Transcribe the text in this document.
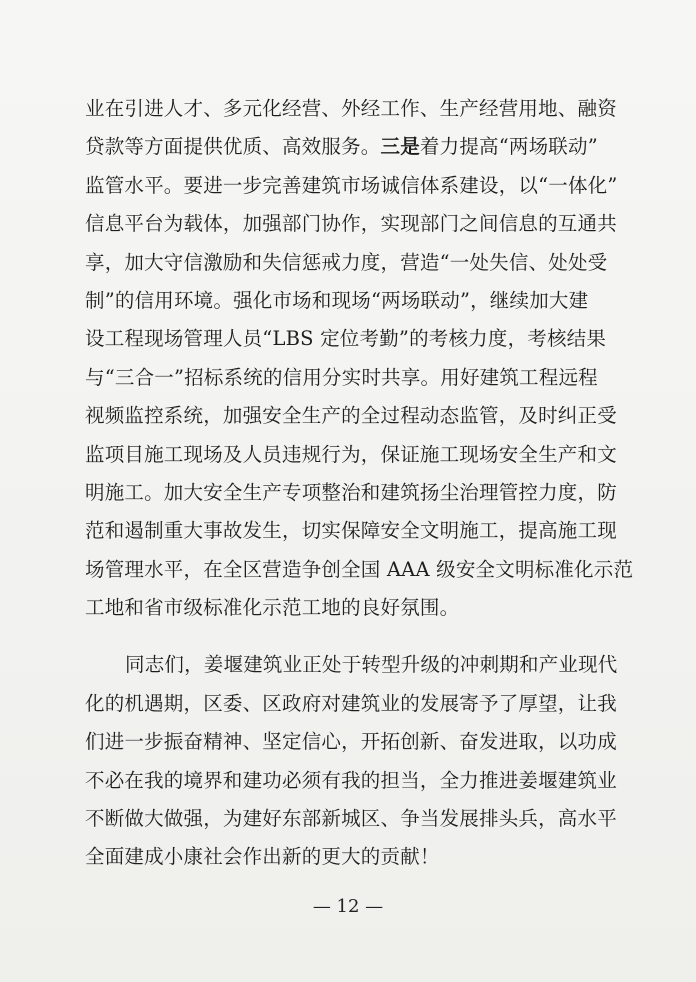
业在引进人才、多元化经营、外经工作、生产经营用地、融资
贷款等方面提供优质、高效服务。三是着力提高“两场联动”
监管水平。要进一步完善建筑市场诚信体系建设，以“一体化”
信息平台为载体，加强部门协作，实现部门之间信息的互通共
享，加大守信激励和失信惩戒力度，营造“一处失信、处处受
制”的信用环境。强化市场和现场“两场联动”，继续加大建
设工程现场管理人员“LBS 定位考勤”的考核力度，考核结果
与“三合一”招标系统的信用分实时共享。用好建筑工程远程
视频监控系统，加强安全生产的全过程动态监管，及时纠正受
监项目施工现场及人员违规行为，保证施工现场安全生产和文
明施工。加大安全生产专项整治和建筑扬尘治理管控力度，防
范和遏制重大事故发生，切实保障安全文明施工，提高施工现
场管理水平，在全区营造争创全国 AAA 级安全文明标准化示范
工地和省市级标准化示范工地的良好氛围。
同志们，姜堰建筑业正处于转型升级的冲刺期和产业现代
化的机遇期，区委、区政府对建筑业的发展寄予了厚望，让我
们进一步振奋精神、坚定信心，开拓创新、奋发进取，以功成
不必在我的境界和建功必须有我的担当，全力推进姜堰建筑业
不断做大做强，为建好东部新城区、争当发展排头兵，高水平
全面建成小康社会作出新的更大的贡献！
— 12 —
